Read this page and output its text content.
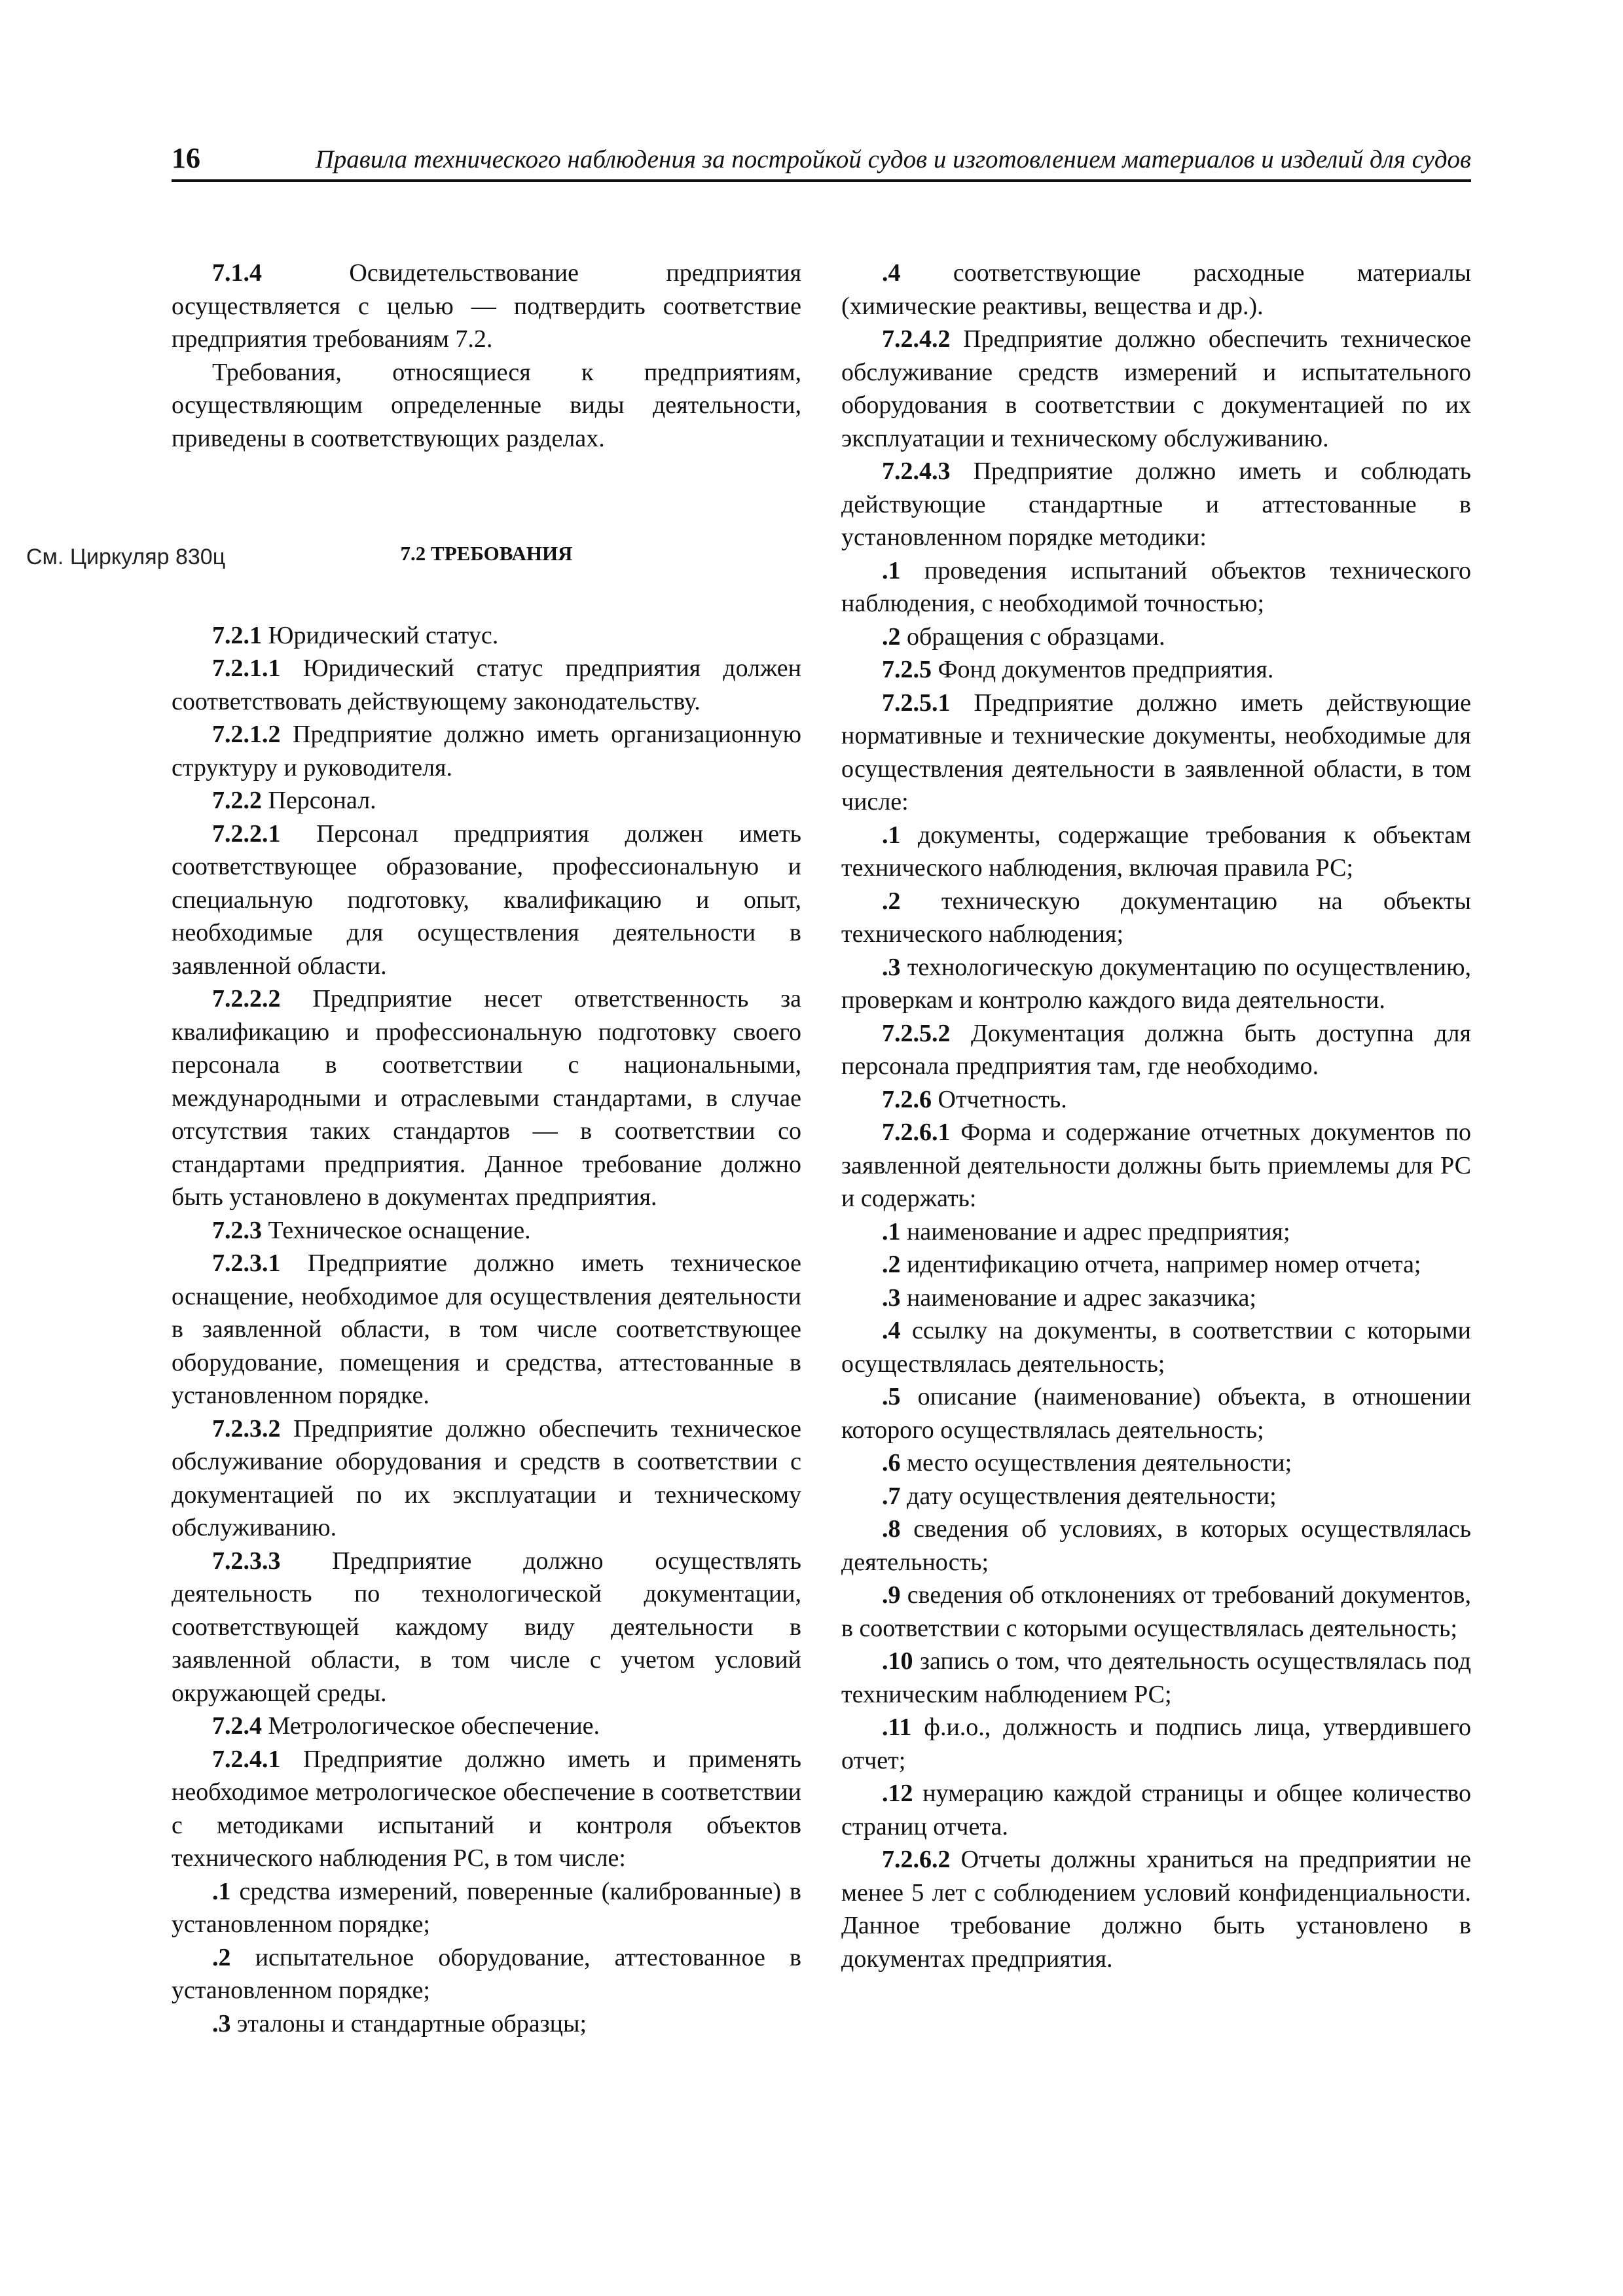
16	Правила технического наблюдения за постройкой судов и изготовлением материалов и изделий для судов
См. Циркуляр 830ц

7.1.4 Освидетельствование предприятия осуществляется с целью — подтвердить соответствие предприятия требованиям 7.2.

Требования, относящиеся к предприятиям, осуществляющим определенные виды деятельности, приведены в соответствующих разделах.

7.2 ТРЕБОВАНИЯ

7.2.1 Юридический статус.

7.2.1.1 Юридический статус предприятия должен соответствовать действующему законодательству.

7.2.1.2 Предприятие должно иметь организационную структуру и руководителя.

7.2.2 Персонал.

7.2.2.1 Персонал предприятия должен иметь соответствующее образование, профессиональную и специальную подготовку, квалификацию и опыт, необходимые для осуществления деятельности в заявленной области.

7.2.2.2 Предприятие несет ответственность за квалификацию и профессиональную подготовку своего персонала в соответствии с национальными, международными и отраслевыми стандартами, в случае отсутствия таких стандартов — в соответствии со стандартами предприятия. Данное требование должно быть установлено в документах предприятия.

7.2.3 Техническое оснащение.

7.2.3.1 Предприятие должно иметь техническое оснащение, необходимое для осуществления деятельности в заявленной области, в том числе соответствующее оборудование, помещения и средства, аттестованные в установленном порядке.

7.2.3.2 Предприятие должно обеспечить техническое обслуживание оборудования и средств в соответствии с документацией по их эксплуатации и техническому обслуживанию.

7.2.3.3 Предприятие должно осуществлять деятельность по технологической документации, соответствующей каждому виду деятельности в заявленной области, в том числе с учетом условий окружающей среды.

7.2.4 Метрологическое обеспечение.

7.2.4.1 Предприятие должно иметь и применять необходимое метрологическое обеспечение в соответствии с методиками испытаний и контроля объектов технического наблюдения РС, в том числе:

.1 средства измерений, поверенные (калиброванные) в установленном порядке;

.2 испытательное оборудование, аттестованное в установленном порядке;

.3 эталоны и стандартные образцы;

.4 соответствующие расходные материалы (химические реактивы, вещества и др.).

7.2.4.2 Предприятие должно обеспечить техническое обслуживание средств измерений и испытательного оборудования в соответствии с документацией по их эксплуатации и техническому обслуживанию.

7.2.4.3 Предприятие должно иметь и соблюдать действующие стандартные и аттестованные в установленном порядке методики:

.1 проведения испытаний объектов технического наблюдения, с необходимой точностью;

.2 обращения с образцами.

7.2.5 Фонд документов предприятия.

7.2.5.1 Предприятие должно иметь действующие нормативные и технические документы, необходимые для осуществления деятельности в заявленной области, в том числе:

.1 документы, содержащие требования к объектам технического наблюдения, включая правила РС;

.2 техническую документацию на объекты технического наблюдения;

.3 технологическую документацию по осуществлению, проверкам и контролю каждого вида деятельности.

7.2.5.2 Документация должна быть доступна для персонала предприятия там, где необходимо.

7.2.6 Отчетность.

7.2.6.1 Форма и содержание отчетных документов по заявленной деятельности должны быть приемлемы для РС и содержать:

.1 наименование и адрес предприятия;

.2 идентификацию отчета, например номер отчета;

.3 наименование и адрес заказчика;

.4 ссылку на документы, в соответствии с которыми осуществлялась деятельность;

.5 описание (наименование) объекта, в отношении которого осуществлялась деятельность;

.6 место осуществления деятельности;

.7 дату осуществления деятельности;

.8 сведения об условиях, в которых осуществлялась деятельность;

.9 сведения об отклонениях от требований документов, в соответствии с которыми осуществлялась деятельность;

.10 запись о том, что деятельность осуществлялась под техническим наблюдением РС;

.11 ф.и.о., должность и подпись лица, утвердившего отчет;

.12 нумерацию каждой страницы и общее количество страниц отчета.

7.2.6.2 Отчеты должны храниться на предприятии не менее 5 лет с соблюдением условий конфиденциальности. Данное требование должно быть установлено в документах предприятия.
